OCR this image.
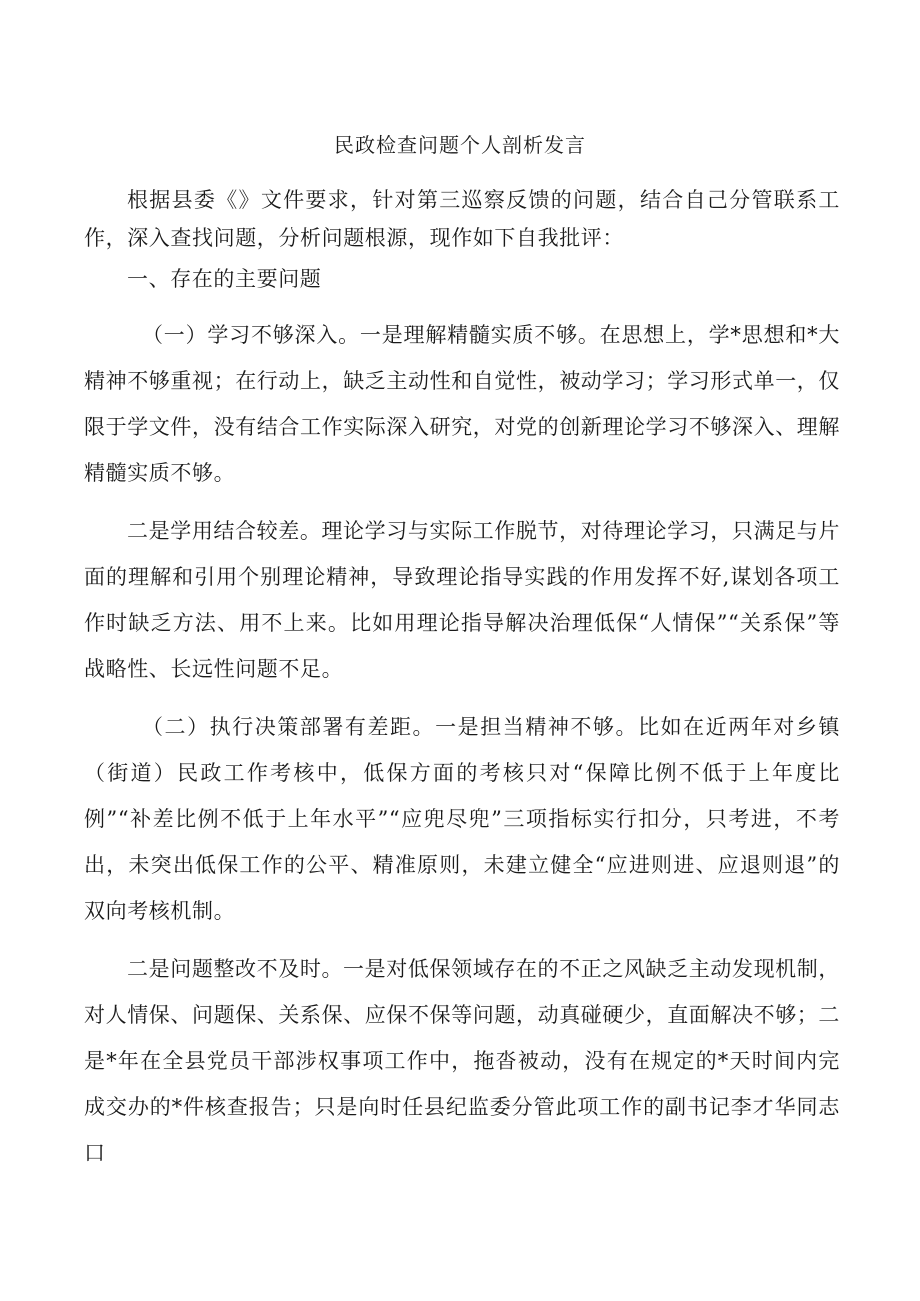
民政检查问题个人剖析发言

根据县委《》文件要求，针对第三巡察反馈的问题，结合自己分管联系工作，深入查找问题，分析问题根源，现作如下自我批评：

一、存在的主要问题

（一）学习不够深入。一是理解精髓实质不够。在思想上，学*思想和*大精神不够重视；在行动上，缺乏主动性和自觉性，被动学习；学习形式单一，仅限于学文件，没有结合工作实际深入研究，对党的创新理论学习不够深入、理解精髓实质不够。

二是学用结合较差。理论学习与实际工作脱节，对待理论学习，只满足与片面的理解和引用个别理论精神，导致理论指导实践的作用发挥不好,谋划各项工作时缺乏方法、用不上来。比如用理论指导解决治理低保“人情保”“关系保”等战略性、长远性问题不足。

（二）执行决策部署有差距。一是担当精神不够。比如在近两年对乡镇（街道）民政工作考核中，低保方面的考核只对“保障比例不低于上年度比例”“补差比例不低于上年水平”“应兜尽兜”三项指标实行扣分，只考进，不考出，未突出低保工作的公平、精准原则，未建立健全“应进则进、应退则退”的双向考核机制。

二是问题整改不及时。一是对低保领域存在的不正之风缺乏主动发现机制，对人情保、问题保、关系保、应保不保等问题，动真碰硬少，直面解决不够；二是*年在全县党员干部涉权事项工作中，拖沓被动，没有在规定的*天时间内完成交办的*件核查报告；只是向时任县纪监委分管此项工作的副书记李才华同志口
